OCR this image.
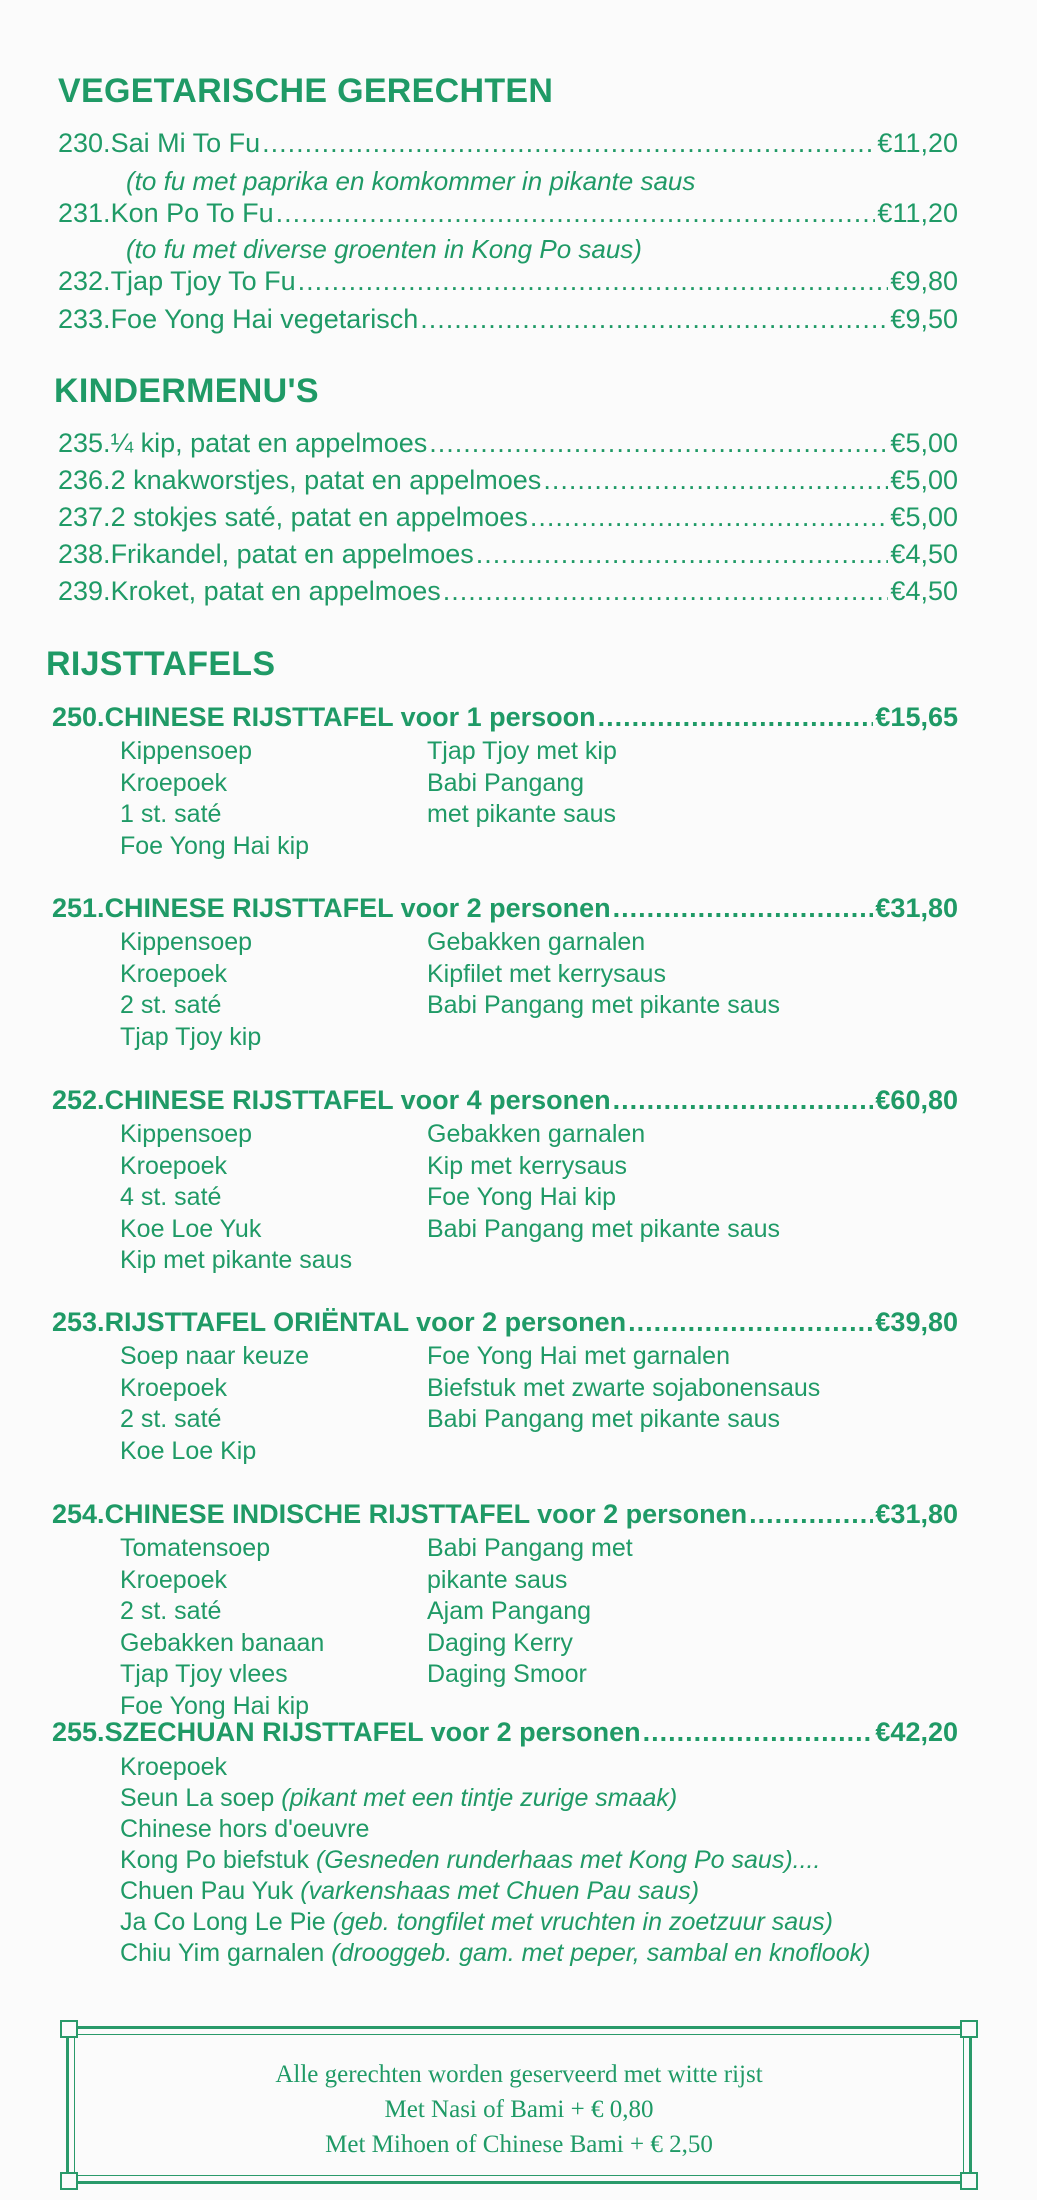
VEGETARISCHE GERECHTEN
230. Sai Mi To Fu .....	€ 11,20
(to fu met paprika en komkommer in pikante saus
231. Kon Po To Fu .....	€ 11,20
(to fu met diverse groenten in Kong Po saus)
232. Tjap Tjoy To Fu .....	€ 9,80
233. Foe Yong Hai vegetarisch .....	€ 9,50
KINDERMENU'S
235. ¼ kip, patat en appelmoes .....	€ 5,00
236. 2 knakworstjes, patat en appelmoes .....	€ 5,00
237. 2 stokjes saté, patat en appelmoes .....	€ 5,00
238. Frikandel, patat en appelmoes .....	€ 4,50
239. Kroket, patat en appelmoes .....	€ 4,50
RIJSTTAFELS
250. CHINESE RIJSTTAFEL voor 1 persoon .....	€ 15,65
Kippensoep
Kroepoek
1 st. saté
Foe Yong Hai kip
Tjap Tjoy met kip
Babi Pangang
met pikante saus
251. CHINESE RIJSTTAFEL voor 2 personen .....	€ 31,80
Kippensoep
Kroepoek
2 st. saté
Tjap Tjoy kip
Gebakken garnalen
Kipfilet met kerrysaus
Babi Pangang met pikante saus
252. CHINESE RIJSTTAFEL voor 4 personen .....	€ 60,80
Kippensoep
Kroepoek
4 st. saté
Koe Loe Yuk
Kip met pikante saus
Gebakken garnalen
Kip met kerrysaus
Foe Yong Hai kip
Babi Pangang met pikante saus
253. RIJSTTAFEL ORIËNTAL voor 2 personen .....	€ 39,80
Soep naar keuze
Kroepoek
2 st. saté
Koe Loe Kip
Foe Yong Hai met garnalen
Biefstuk met zwarte sojabonensaus
Babi Pangang met pikante saus
254. CHINESE INDISCHE RIJSTTAFEL voor 2 personen .....	€ 31,80
Tomatensoep
Kroepoek
2 st. saté
Gebakken banaan
Tjap Tjoy vlees
Foe Yong Hai kip
Babi Pangang met
pikante saus
Ajam Pangang
Daging Kerry
Daging Smoor
255. SZECHUAN RIJSTTAFEL voor 2 personen .....	€ 42,20
Kroepoek
Seun La soep (pikant met een tintje zurige smaak)
Chinese hors d'oeuvre
Kong Po biefstuk (Gesneden runderhaas met Kong Po saus)....
Chuen Pau Yuk (varkenshaas met Chuen Pau saus)
Ja Co Long Le Pie (geb. tongfilet met vruchten in zoetzuur saus)
Chiu Yim garnalen (drooggeb. gam. met peper, sambal en knoflook)
Alle gerechten worden geserveerd met witte rijst
Met Nasi of Bami + € 0,80
Met Mihoen of Chinese Bami + € 2,50
